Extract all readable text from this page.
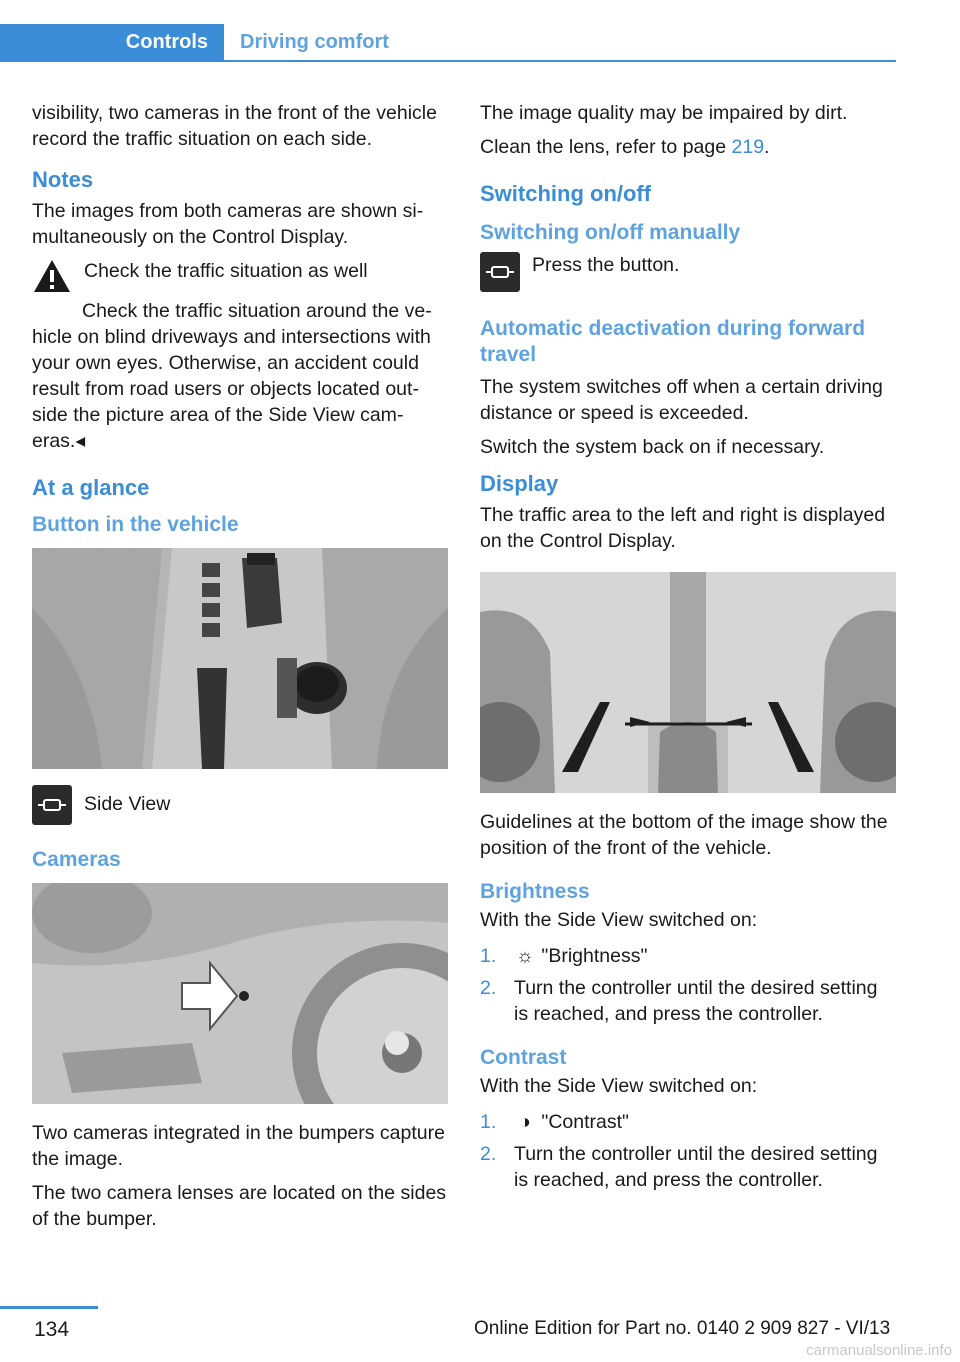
Controls	Driving comfort

visibility, two cameras in the front of the vehicle record the traffic situation on each side.

Notes

The images from both cameras are shown simultaneously on the Control Display.

Check the traffic situation as well

Check the traffic situation around the vehicle on blind driveways and intersections with your own eyes. Otherwise, an accident could result from road users or objects located outside the picture area of the Side View cameras.◂

At a glance
Button in the vehicle
Side View
Cameras

Two cameras integrated in the bumpers capture the image.

The two camera lenses are located on the sides of the bumper.

The image quality may be impaired by dirt.

Clean the lens, refer to page 219.

Switching on/off
Switching on/off manually
Press the button.
Automatic deactivation during forward travel

The system switches off when a certain driving distance or speed is exceeded.

Switch the system back on if necessary.

Display

The traffic area to the left and right is displayed on the Control Display.

Guidelines at the bottom of the image show the position of the front of the vehicle.

Brightness

With the Side View switched on:

1.	☼ "Brightness"
2. Turn the controller until the desired setting is reached, and press the controller.
Contrast

With the Side View switched on:

1.	◑ "Contrast"
2. Turn the controller until the desired setting is reached, and press the controller.
134	Online Edition for Part no. 0140 2 909 827 - VI/13
carmanualsonline.info
